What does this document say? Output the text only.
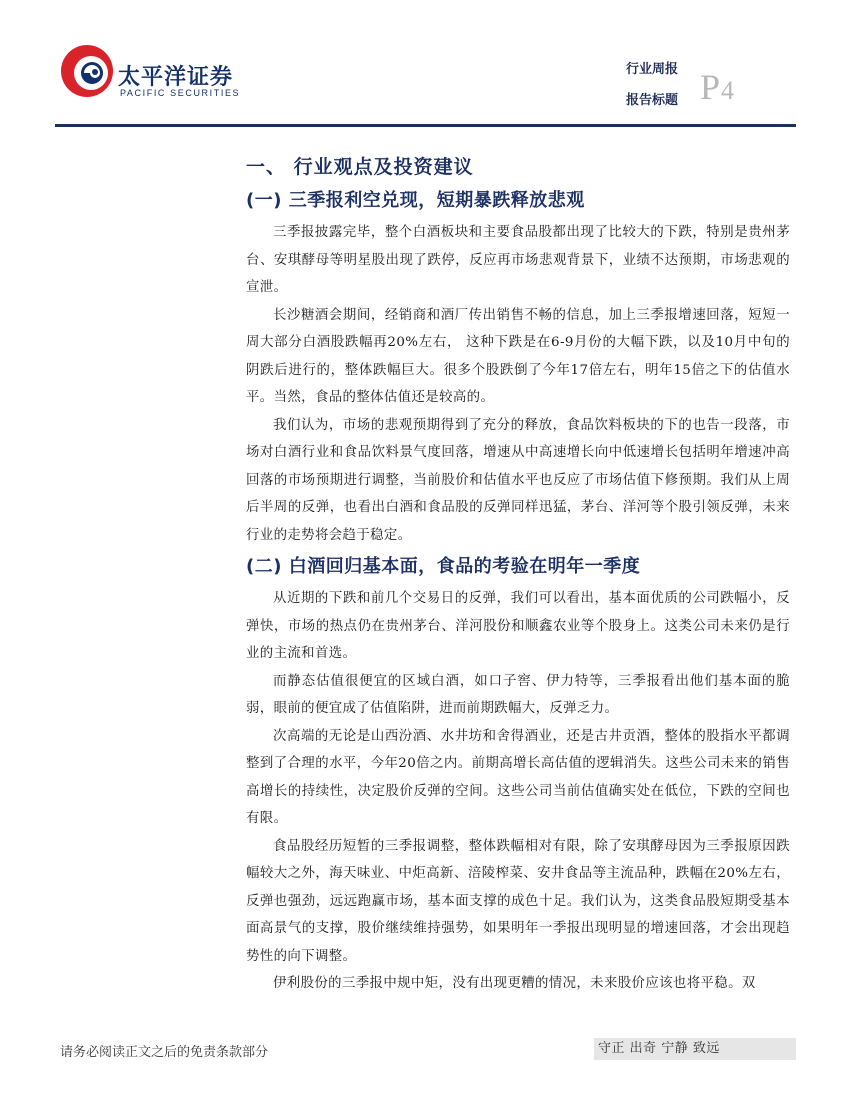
太平洋证券
PACIFIC SECURITIES
行业周报
报告标题 P4
一、 行业观点及投资建议
(一) 三季报利空兑现，短期暴跌释放悲观

三季报披露完毕，整个白酒板块和主要食品股都出现了比较大的下跌，特别是贵州茅台、安琪酵母等明星股出现了跌停，反应再市场悲观背景下，业绩不达预期，市场悲观的宣泄。

长沙糖酒会期间，经销商和酒厂传出销售不畅的信息，加上三季报增速回落，短短一周大部分白酒股跌幅再20%左右， 这种下跌是在6-9月份的大幅下跌，以及10月中旬的阴跌后进行的，整体跌幅巨大。很多个股跌倒了今年17倍左右，明年15倍之下的估值水平。当然，食品的整体估值还是较高的。

我们认为，市场的悲观预期得到了充分的释放，食品饮料板块的下的也告一段落，市场对白酒行业和食品饮料景气度回落，增速从中高速增长向中低速增长包括明年增速冲高回落的市场预期进行调整，当前股价和估值水平也反应了市场估值下修预期。我们从上周后半周的反弹，也看出白酒和食品股的反弹同样迅猛，茅台、洋河等个股引领反弹，未来行业的走势将会趋于稳定。

(二) 白酒回归基本面，食品的考验在明年一季度

从近期的下跌和前几个交易日的反弹，我们可以看出，基本面优质的公司跌幅小，反弹快，市场的热点仍在贵州茅台、洋河股份和顺鑫农业等个股身上。这类公司未来仍是行业的主流和首选。

而静态估值很便宜的区域白酒，如口子窖、伊力特等，三季报看出他们基本面的脆弱，眼前的便宜成了估值陷阱，进而前期跌幅大，反弹乏力。

次高端的无论是山西汾酒、水井坊和舍得酒业，还是古井贡酒，整体的股指水平都调整到了合理的水平，今年20倍之内。前期高增长高估值的逻辑消失。这些公司未来的销售高增长的持续性，决定股价反弹的空间。这些公司当前估值确实处在低位，下跌的空间也有限。

食品股经历短暂的三季报调整，整体跌幅相对有限，除了安琪酵母因为三季报原因跌幅较大之外，海天味业、中炬高新、涪陵榨菜、安井食品等主流品种，跌幅在20%左右，反弹也强劲，远远跑赢市场，基本面支撑的成色十足。我们认为，这类食品股短期受基本面高景气的支撑，股价继续维持强势，如果明年一季报出现明显的增速回落，才会出现趋势性的向下调整。

伊利股份的三季报中规中矩，没有出现更糟的情况，未来股价应该也将平稳。双

请务必阅读正文之后的免责条款部分	守正 出奇 宁静 致远
